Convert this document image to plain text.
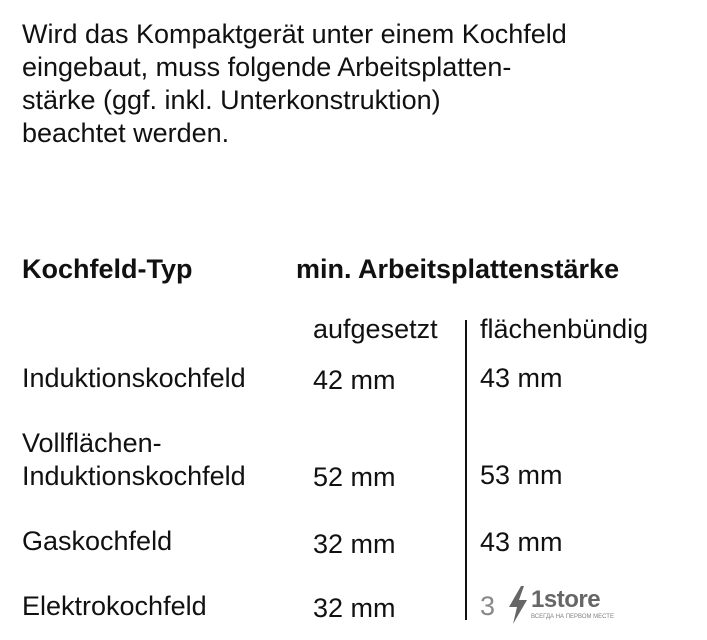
Wird das Kompaktgerät unter einem Kochfeld
eingebaut, muss folgende Arbeitsplatten-
stärke (ggf. inkl. Unterkonstruktion)
beachtet werden.
Kochfeld-Typ	min. Arbeitsplattenstärke
aufgesetzt flächenbündig
Induktionskochfeld 42 mm	43 mm
Vollflächen-
Induktionskochfeld 52 mm	53 mm
Gaskochfeld	32 mm	43 mm
Elektrokochfeld	32 mm	3 1store
ВСЕГДА НА ПЕРВОМ МЕСТЕ
